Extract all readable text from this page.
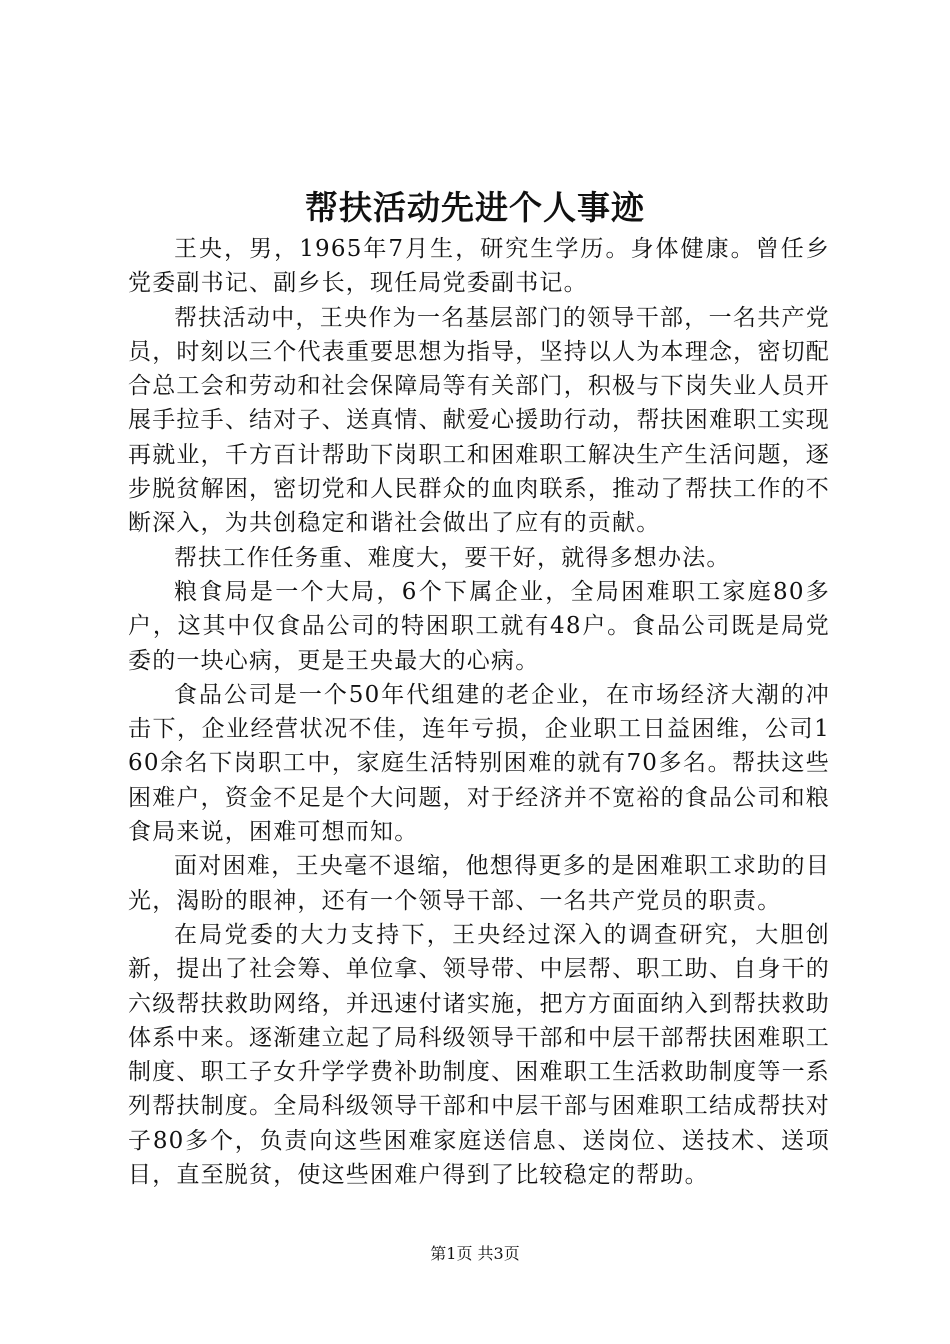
帮扶活动先进个人事迹

王央，男，1965年7月生，研究生学历。身体健康。曾任乡党委副书记、副乡长，现任局党委副书记。

帮扶活动中，王央作为一名基层部门的领导干部，一名共产党员，时刻以三个代表重要思想为指导，坚持以人为本理念，密切配合总工会和劳动和社会保障局等有关部门，积极与下岗失业人员开展手拉手、结对子、送真情、献爱心援助行动，帮扶困难职工实现再就业，千方百计帮助下岗职工和困难职工解决生产生活问题，逐步脱贫解困，密切党和人民群众的血肉联系，推动了帮扶工作的不断深入，为共创稳定和谐社会做出了应有的贡献。

帮扶工作任务重、难度大，要干好，就得多想办法。

粮食局是一个大局，6个下属企业，全局困难职工家庭80多户，这其中仅食品公司的特困职工就有48户。食品公司既是局党委的一块心病，更是王央最大的心病。

食品公司是一个50年代组建的老企业，在市场经济大潮的冲击下，企业经营状况不佳，连年亏损，企业职工日益困维，公司160余名下岗职工中，家庭生活特别困难的就有70多名。帮扶这些困难户，资金不足是个大问题，对于经济并不宽裕的食品公司和粮食局来说，困难可想而知。

面对困难，王央毫不退缩，他想得更多的是困难职工求助的目光，渴盼的眼神，还有一个领导干部、一名共产党员的职责。

在局党委的大力支持下，王央经过深入的调查研究，大胆创新，提出了社会筹、单位拿、领导带、中层帮、职工助、自身干的六级帮扶救助网络，并迅速付诸实施，把方方面面纳入到帮扶救助体系中来。逐渐建立起了局科级领导干部和中层干部帮扶困难职工制度、职工子女升学学费补助制度、困难职工生活救助制度等一系列帮扶制度。全局科级领导干部和中层干部与困难职工结成帮扶对子80多个，负责向这些困难家庭送信息、送岗位、送技术、送项目，直至脱贫，使这些困难户得到了比较稳定的帮助。

第1页 共3页
